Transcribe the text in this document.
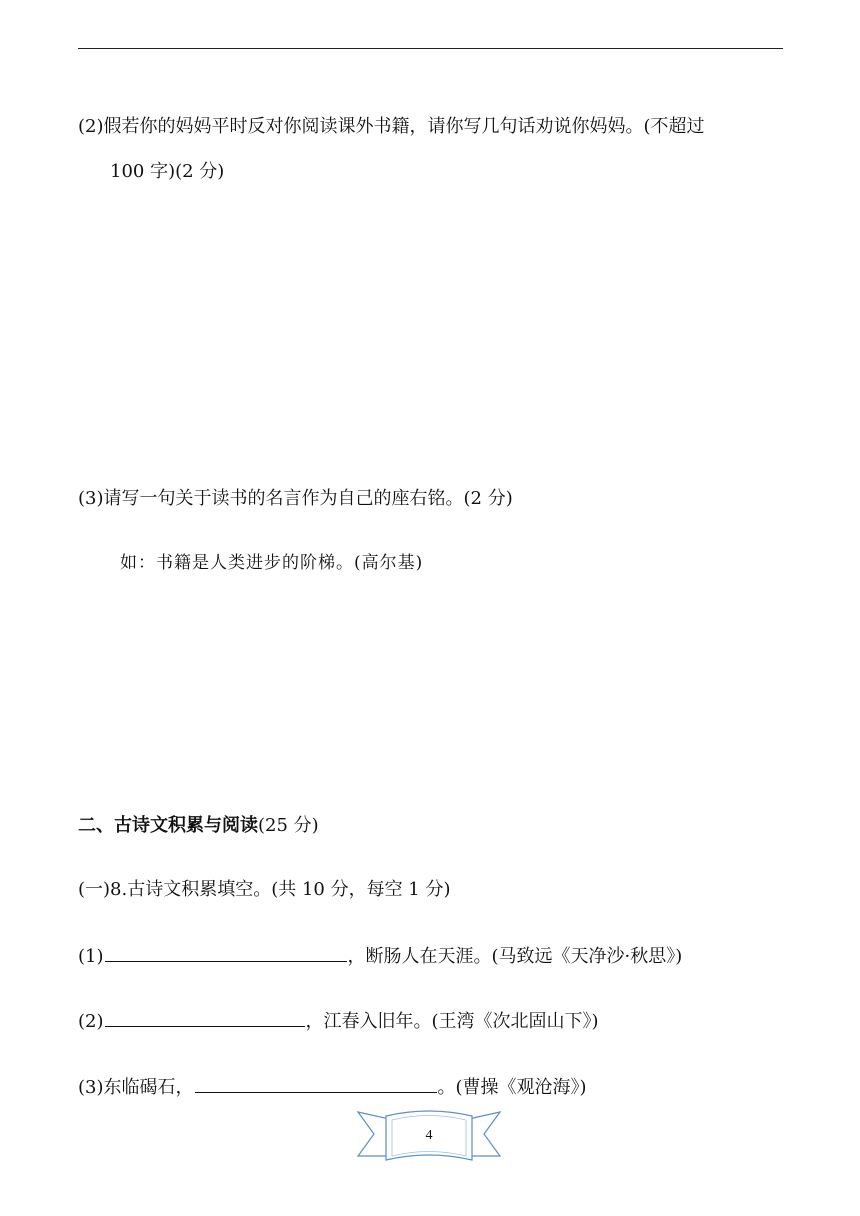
(2)假若你的妈妈平时反对你阅读课外书籍，请你写几句话劝说你妈妈。(不超过
100 字)(2 分)
(3)请写一句关于读书的名言作为自己的座右铭。(2 分)
如：书籍是人类进步的阶梯。(高尔基)
二、古诗文积累与阅读(25 分)
(一)8.古诗文积累填空。(共 10 分，每空 1 分)
(1)	，断肠人在天涯。(马致远《天净沙·秋思》)
(2)	，江春入旧年。(王湾《次北固山下》)
(3)东临碣石，	。(曹操《观沧海》)
4
